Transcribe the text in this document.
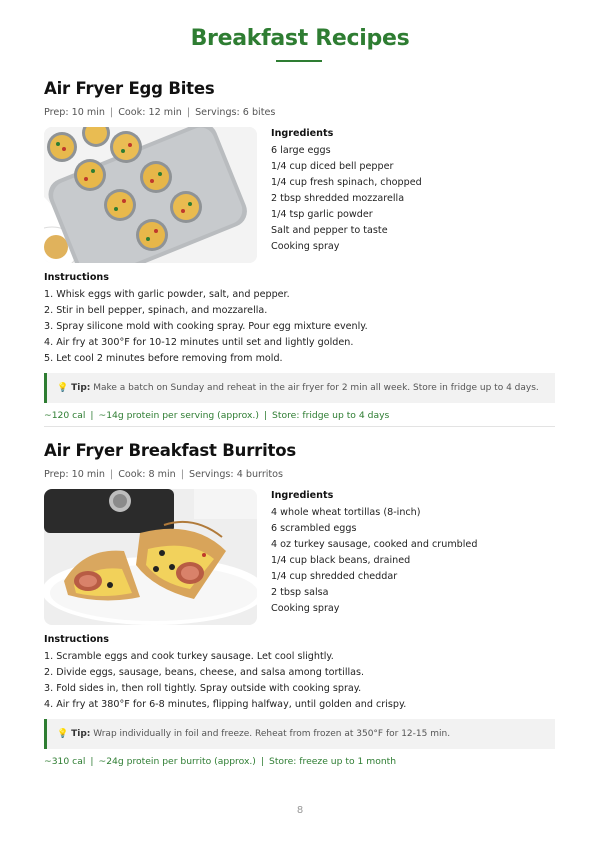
Breakfast Recipes
Air Fryer Egg Bites
Prep: 10 min | Cook: 12 min | Servings: 6 bites
Ingredients
6 large eggs
1/4 cup diced bell pepper
1/4 cup fresh spinach, chopped
2 tbsp shredded mozzarella
1/4 tsp garlic powder
Salt and pepper to taste
Cooking spray
Instructions
1. Whisk eggs with garlic powder, salt, and pepper.
2. Stir in bell pepper, spinach, and mozzarella.
3. Spray silicone mold with cooking spray. Pour egg mixture evenly.
4. Air fry at 300°F for 10-12 minutes until set and lightly golden.
5. Let cool 2 minutes before removing from mold.
💡 Tip: Make a batch on Sunday and reheat in the air fryer for 2 min all week. Store in fridge up to 4 days.
~120 cal | ~14g protein per serving (approx.) | Store: fridge up to 4 days
Air Fryer Breakfast Burritos
Prep: 10 min | Cook: 8 min | Servings: 4 burritos
Ingredients
4 whole wheat tortillas (8-inch)
6 scrambled eggs
4 oz turkey sausage, cooked and crumbled
1/4 cup black beans, drained
1/4 cup shredded cheddar
2 tbsp salsa
Cooking spray
Instructions
1. Scramble eggs and cook turkey sausage. Let cool slightly.
2. Divide eggs, sausage, beans, cheese, and salsa among tortillas.
3. Fold sides in, then roll tightly. Spray outside with cooking spray.
4. Air fry at 380°F for 6-8 minutes, flipping halfway, until golden and crispy.
💡 Tip: Wrap individually in foil and freeze. Reheat from frozen at 350°F for 12-15 min.
~310 cal | ~24g protein per burrito (approx.) | Store: freeze up to 1 month
8
